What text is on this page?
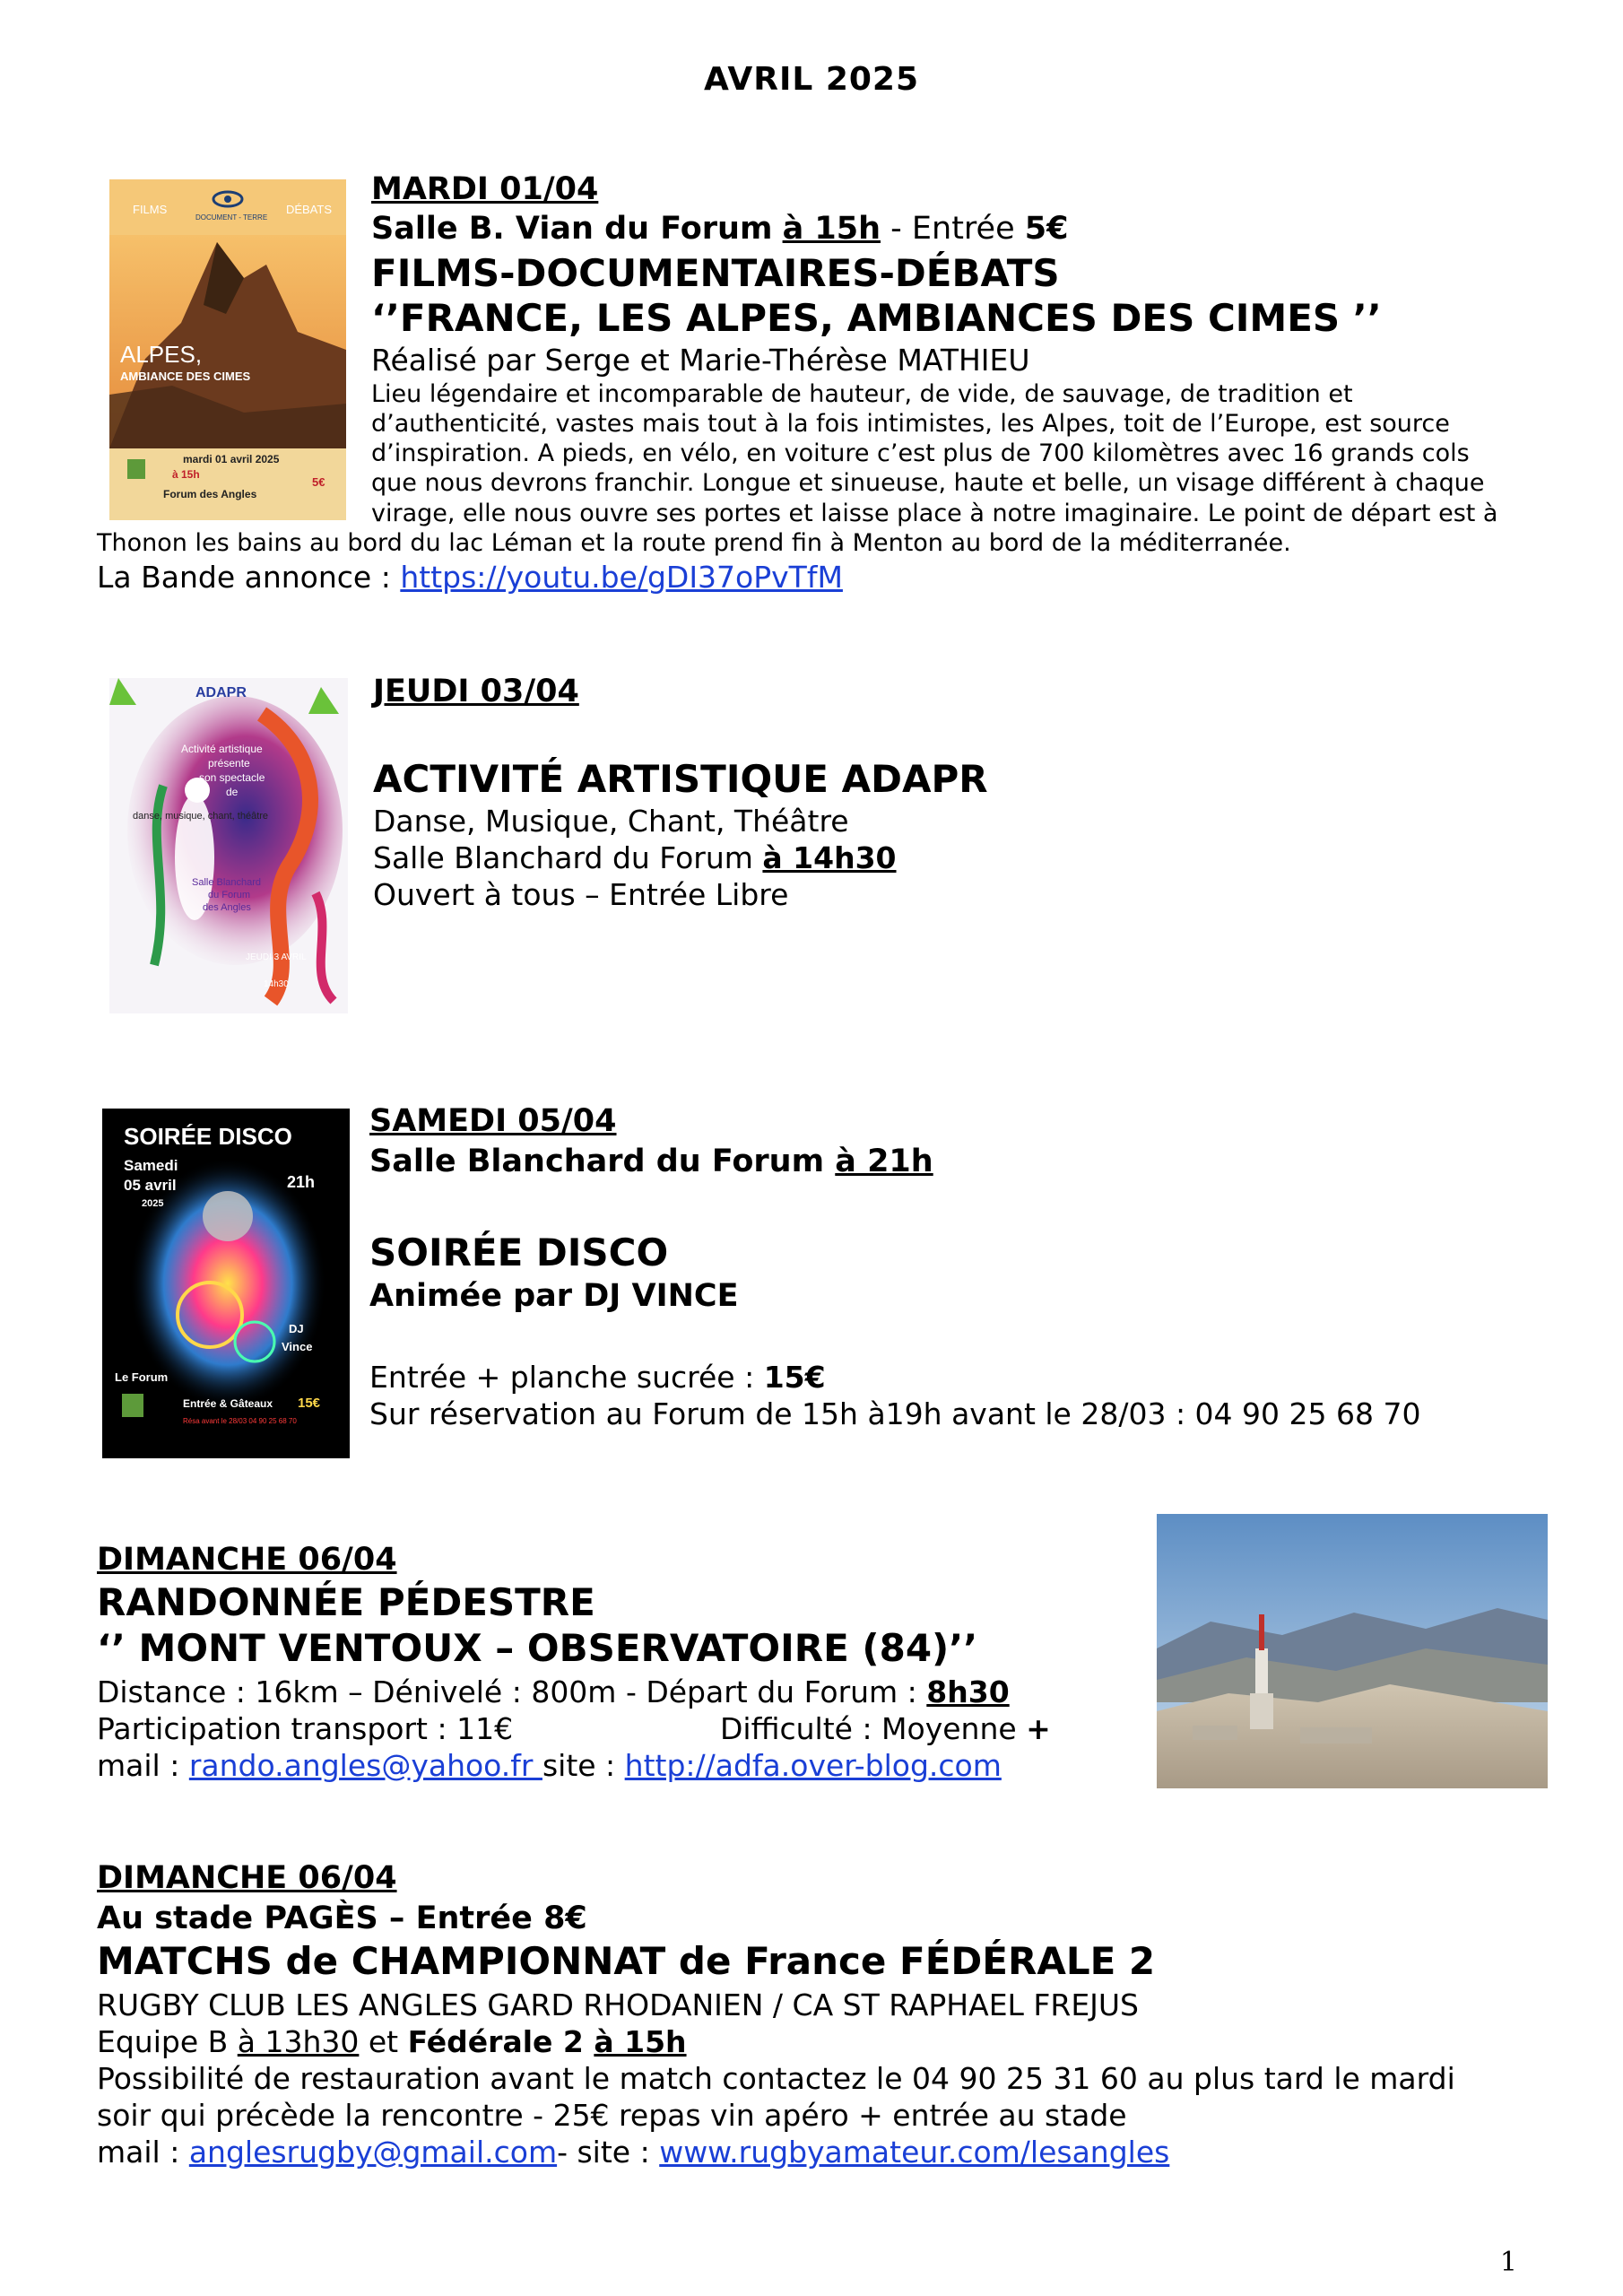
AVRIL 2025
FILMS	DÉBATS
DOCUMENT - TERRE
ALPES,
AMBIANCE DES CIMES
mardi 01 avril 2025
à 15h
5€
Forum des Angles
MARDI 01/04
Salle B. Vian du Forum à 15h - Entrée 5€
FILMS-DOCUMENTAIRES-DÉBATS
‘’FRANCE, LES ALPES, AMBIANCES DES CIMES ’’
Réalisé par Serge et Marie-Thérèse MATHIEU
Lieu légendaire et incomparable de hauteur, de vide, de sauvage, de tradition et
d’authenticité, vastes mais tout à la fois intimistes, les Alpes, toit de l’Europe, est source
d’inspiration. A pieds, en vélo, en voiture c’est plus de 700 kilomètres avec 16 grands cols
que nous devrons franchir. Longue et sinueuse, haute et belle, un visage différent à chaque
virage, elle nous ouvre ses portes et laisse place à notre imaginaire. Le point de départ est à
Thonon les bains au bord du lac Léman et la route prend fin à Menton au bord de la méditerranée.
La Bande annonce : https://youtu.be/gDI37oPvTfM
ADAPR
Activité artistique
présente
son spectacle
de
danse, musique, chant, théâtre
Salle Blanchard
du Forum
des Angles
JEUDI 3 AVRIL
14h30
JEUDI 03/04
ACTIVITÉ ARTISTIQUE ADAPR
Danse, Musique, Chant, Théâtre
Salle Blanchard du Forum à 14h30
Ouvert à tous – Entrée Libre
SOIRÉE DISCO
Samedi
05 avril
2025
21h
DJ
Vince
Le Forum
Entrée & Gâteaux 15€
Résa avant le 28/03 04 90 25 68 70
SAMEDI 05/04
Salle Blanchard du Forum à 21h
SOIRÉE DISCO
Animée par DJ VINCE
Entrée + planche sucrée : 15€
Sur réservation au Forum de 15h à19h avant le 28/03 : 04 90 25 68 70
DIMANCHE 06/04
RANDONNÉE PÉDESTRE
‘’ MONT VENTOUX – OBSERVATOIRE (84)’’
Distance : 16km – Dénivelé : 800m - Départ du Forum : 8h30
Participation transport : 11€	Difficulté : Moyenne +
mail : rando.angles@yahoo.fr site : http://adfa.over-blog.com
DIMANCHE 06/04
Au stade PAGÈS – Entrée 8€
MATCHS de CHAMPIONNAT de France FÉDÉRALE 2
RUGBY CLUB LES ANGLES GARD RHODANIEN / CA ST RAPHAEL FREJUS
Equipe B à 13h30 et Fédérale 2 à 15h
Possibilité de restauration avant le match contactez le 04 90 25 31 60 au plus tard le mardi
soir qui précède la rencontre - 25€ repas vin apéro + entrée au stade
mail : anglesrugby@gmail.com- site : www.rugbyamateur.com/lesangles
1
